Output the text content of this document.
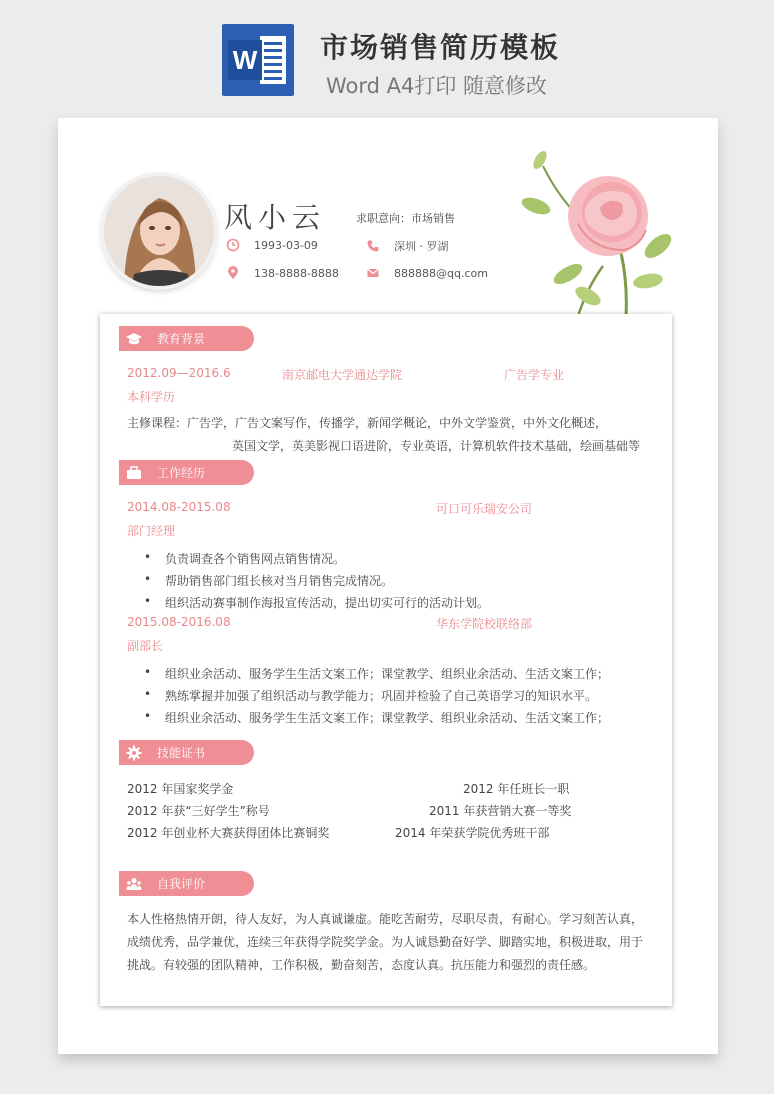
W 市场销售简历模板
Word A4打印 随意修改
风小云	求职意向：市场销售
1993-03-09	深圳 · 罗湖
138-8888-8888	888888@qq.com
教育背景
2012.09—2016.6	南京邮电大学通达学院	广告学专业
本科学历
主修课程：广告学，广告文案写作，传播学，新闻学概论，中外文学鉴赏，中外文化概述，
英国文学，英美影视口语进阶，专业英语，计算机软件技术基础，绘画基础等
工作经历
2014.08-2015.08	可口可乐瑞安公司
部门经理
• 负责调查各个销售网点销售情况。
• 帮助销售部门组长核对当月销售完成情况。
• 组织活动赛事制作海报宣传活动，提出切实可行的活动计划。
2015.08-2016.08	华东学院校联络部
副部长
• 组织业余活动、服务学生生活文案工作；课堂教学、组织业余活动、生活文案工作；
• 熟练掌握并加强了组织活动与教学能力；巩固并检验了自己英语学习的知识水平。
• 组织业余活动、服务学生生活文案工作；课堂教学、组织业余活动、生活文案工作；
技能证书
2012 年国家奖学金	2012 年任班长一职
2012 年获“三好学生”称号	2011 年获营销大赛一等奖
2012 年创业杯大赛获得团体比赛铜奖	2014 年荣获学院优秀班干部
自我评价
本人性格热情开朗，待人友好，为人真诚谦虚。能吃苦耐劳，尽职尽责，有耐心。学习刻苦认真，
成绩优秀，品学兼优，连续三年获得学院奖学金。为人诚恳勤奋好学、脚踏实地，积极进取，用于
挑战。有较强的团队精神，工作积极，勤奋刻苦，态度认真。抗压能力和强烈的责任感。
